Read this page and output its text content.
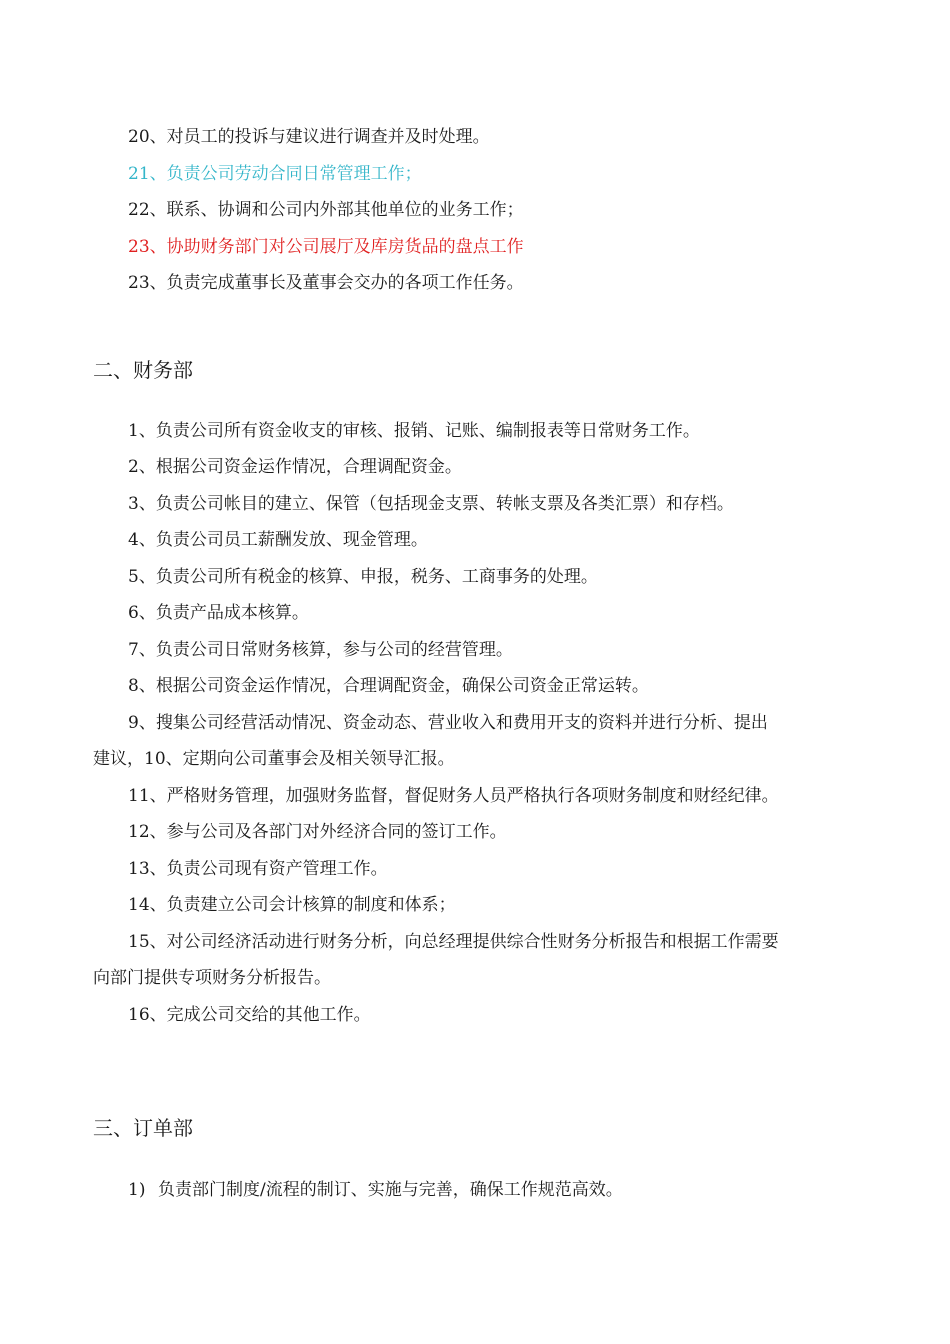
20、对员工的投诉与建议进行调查并及时处理。
21、负责公司劳动合同日常管理工作；
22、联系、协调和公司内外部其他单位的业务工作；
23、协助财务部门对公司展厅及库房货品的盘点工作
23、负责完成董事长及董事会交办的各项工作任务。
二、财务部
1、负责公司所有资金收支的审核、报销、记账、编制报表等日常财务工作。
2、根据公司资金运作情况，合理调配资金。
3、负责公司帐目的建立、保管（包括现金支票、转帐支票及各类汇票）和存档。
4、负责公司员工薪酬发放、现金管理。
5、负责公司所有税金的核算、申报，税务、工商事务的处理。
6、负责产品成本核算。
7、负责公司日常财务核算，参与公司的经营管理。
8、根据公司资金运作情况，合理调配资金，确保公司资金正常运转。
9、搜集公司经营活动情况、资金动态、营业收入和费用开支的资料并进行分析、提出
建议，10、定期向公司董事会及相关领导汇报。
11、严格财务管理，加强财务监督，督促财务人员严格执行各项财务制度和财经纪律。
12、参与公司及各部门对外经济合同的签订工作。
13、负责公司现有资产管理工作。
14、负责建立公司会计核算的制度和体系；
15、对公司经济活动进行财务分析，向总经理提供综合性财务分析报告和根据工作需要
向部门提供专项财务分析报告。
16、完成公司交给的其他工作。
三、订单部
1) 负责部门制度/流程的制订、实施与完善，确保工作规范高效。
